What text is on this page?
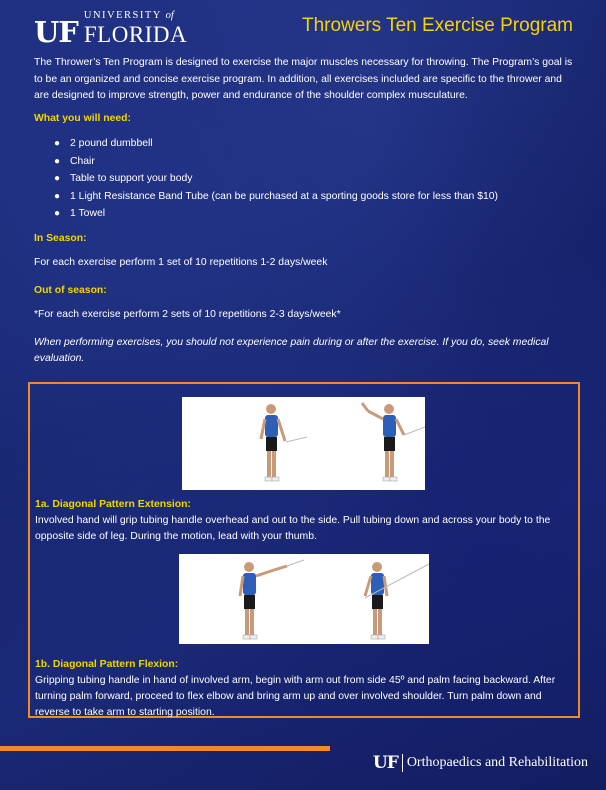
UF UNIVERSITY of
FLORIDA	Throwers Ten Exercise Program

The Thrower’s Ten Program is designed to exercise the major muscles necessary for throwing. The Program’s goal is to be an organized and concise exercise program. In addition, all exercises included are specific to the thrower and are designed to improve strength, power and endurance of the shoulder complex musculature.

What you will need:

● 2 pound dumbbell
● Chair
● Table to support your body
● 1 Light Resistance Band Tube (can be purchased at a sporting goods store for less than $10)
● 1 Towel

In Season:

For each exercise perform 1 set of 10 repetitions 1-2 days/week

Out of season:

*For each exercise perform 2 sets of 10 repetitions 2-3 days/week*

When performing exercises, you should not experience pain during or after the exercise. If you do, seek medical evaluation.

1a. Diagonal Pattern Extension:
Involved hand will grip tubing handle overhead and out to the side. Pull tubing down and across your body to the opposite side of leg. During the motion, lead with your thumb.
1b. Diagonal Pattern Flexion:
Gripping tubing handle in hand of involved arm, begin with arm out from side 45º and palm facing backward. After turning palm forward, proceed to flex elbow and bring arm up and over involved shoulder. Turn palm down and reverse to take arm to starting position.
UF Orthopaedics and Rehabilitation
